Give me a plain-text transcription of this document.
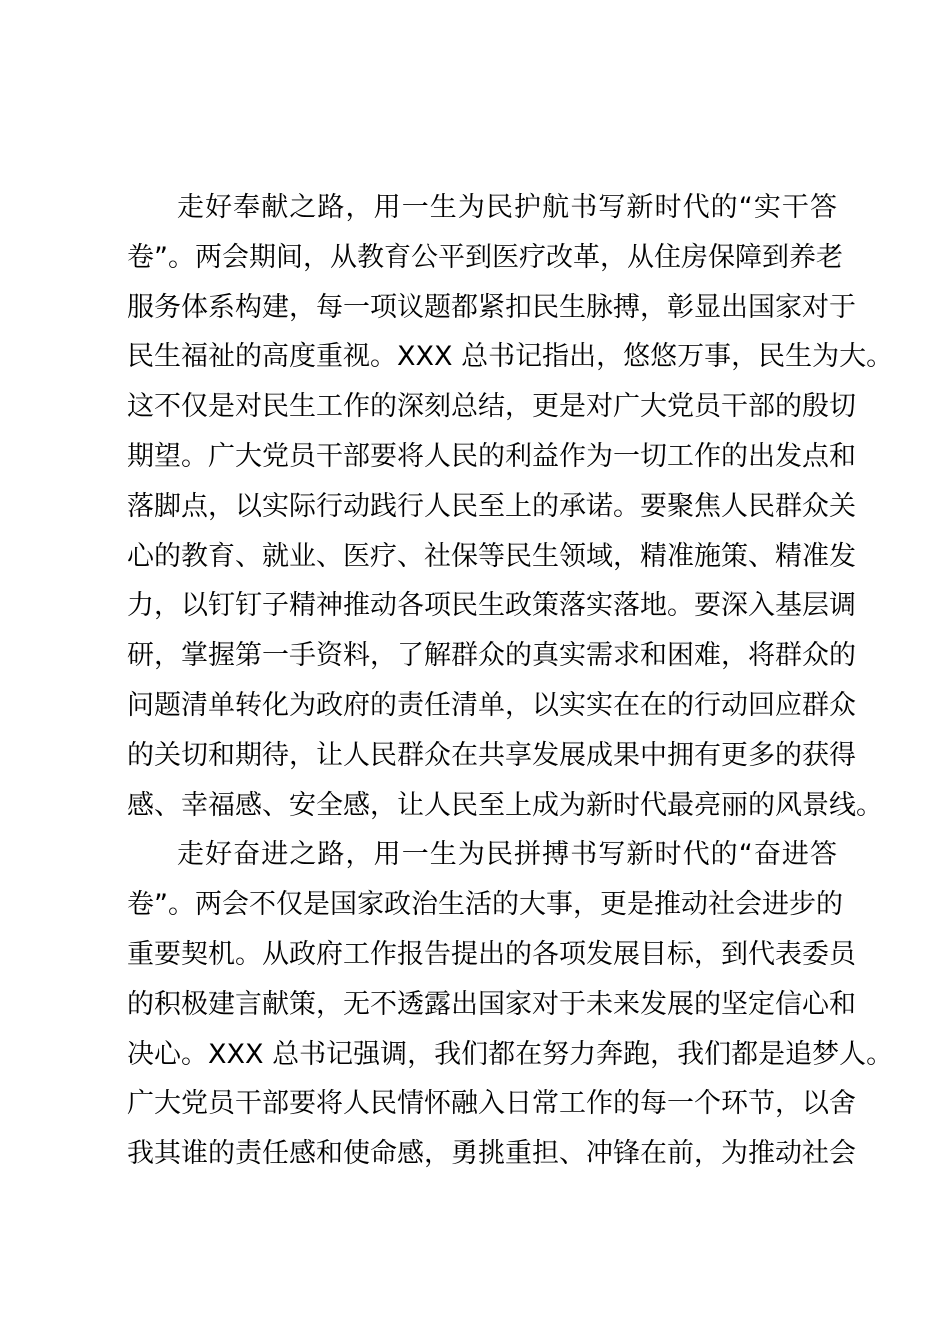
走好奉献之路，用一生为民护航书写新时代的“实干答
卷”。两会期间，从教育公平到医疗改革，从住房保障到养老
服务体系构建，每一项议题都紧扣民生脉搏，彰显出国家对于
民生福祉的高度重视。XXX 总书记指出，悠悠万事，民生为大。
这不仅是对民生工作的深刻总结，更是对广大党员干部的殷切
期望。广大党员干部要将人民的利益作为一切工作的出发点和
落脚点，以实际行动践行人民至上的承诺。要聚焦人民群众关
心的教育、就业、医疗、社保等民生领域，精准施策、精准发
力，以钉钉子精神推动各项民生政策落实落地。要深入基层调
研，掌握第一手资料，了解群众的真实需求和困难，将群众的
问题清单转化为政府的责任清单，以实实在在的行动回应群众
的关切和期待，让人民群众在共享发展成果中拥有更多的获得
感、幸福感、安全感，让人民至上成为新时代最亮丽的风景线。
走好奋进之路，用一生为民拼搏书写新时代的“奋进答
卷”。两会不仅是国家政治生活的大事，更是推动社会进步的
重要契机。从政府工作报告提出的各项发展目标，到代表委员
的积极建言献策，无不透露出国家对于未来发展的坚定信心和
决心。XXX 总书记强调，我们都在努力奔跑，我们都是追梦人。
广大党员干部要将人民情怀融入日常工作的每一个环节，以舍
我其谁的责任感和使命感，勇挑重担、冲锋在前，为推动社会
